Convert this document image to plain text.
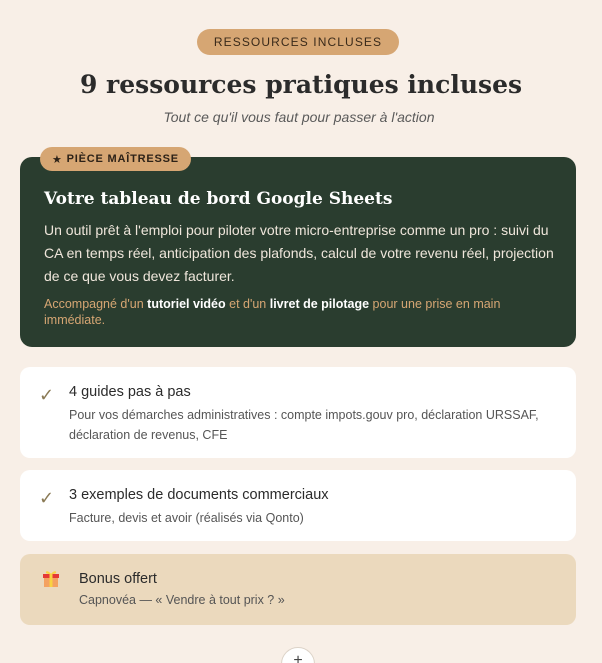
RESSOURCES INCLUSES
9 ressources pratiques incluses

Tout ce qu'il vous faut pour passer à l'action

★ PIÈCE MAÎTRESSE
Votre tableau de bord Google Sheets

Un outil prêt à l'emploi pour piloter votre micro-entreprise comme un pro : suivi du CA en temps réel, anticipation des plafonds, calcul de votre revenu réel, projection de ce que vous devez facturer.

Accompagné d'un tutoriel vidéo et d'un livret de pilotage pour une prise en main immédiate.

✓ 4 guides pas à pas
Pour vos démarches administratives : compte impots.gouv pro, déclaration URSSAF, déclaration de revenus, CFE
✓ 3 exemples de documents commerciaux
Facture, devis et avoir (réalisés via Qonto)
Bonus offert
Capnovéa — « Vendre à tout prix ? »
+
